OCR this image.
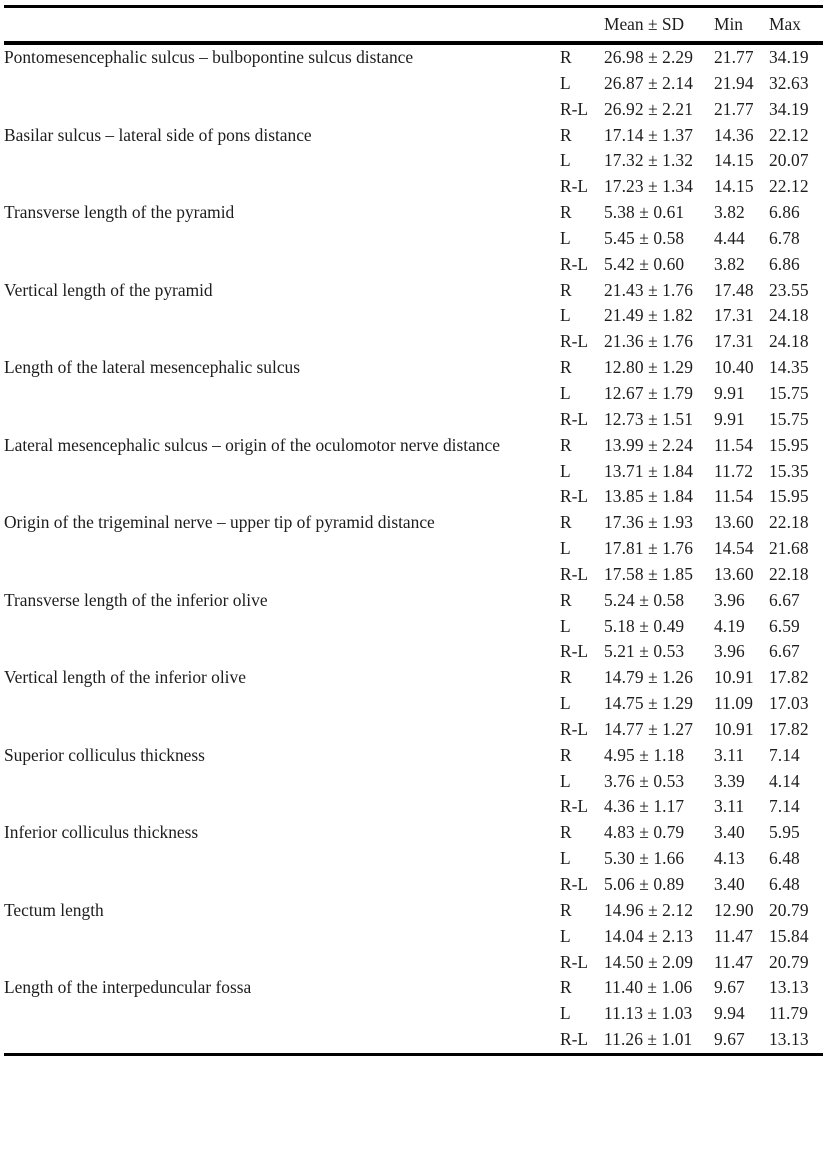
		Mean ± SD	Min	Max
Pontomesencephalic sulcus – bulbopontine sulcus distance	R	26.98 ± 2.29	21.77	34.19
	L	26.87 ± 2.14	21.94	32.63
	R-L	26.92 ± 2.21	21.77	34.19
Basilar sulcus – lateral side of pons distance	R	17.14 ± 1.37	14.36	22.12
	L	17.32 ± 1.32	14.15	20.07
	R-L	17.23 ± 1.34	14.15	22.12
Transverse length of the pyramid	R	5.38 ± 0.61	3.82	6.86
	L	5.45 ± 0.58	4.44	6.78
	R-L	5.42 ± 0.60	3.82	6.86
Vertical length of the pyramid	R	21.43 ± 1.76	17.48	23.55
	L	21.49 ± 1.82	17.31	24.18
	R-L	21.36 ± 1.76	17.31	24.18
Length of the lateral mesencephalic sulcus	R	12.80 ± 1.29	10.40	14.35
	L	12.67 ± 1.79	9.91	15.75
	R-L	12.73 ± 1.51	9.91	15.75
Lateral mesencephalic sulcus – origin of the oculomotor nerve distance	R	13.99 ± 2.24	11.54	15.95
	L	13.71 ± 1.84	11.72	15.35
	R-L	13.85 ± 1.84	11.54	15.95
Origin of the trigeminal nerve – upper tip of pyramid distance	R	17.36 ± 1.93	13.60	22.18
	L	17.81 ± 1.76	14.54	21.68
	R-L	17.58 ± 1.85	13.60	22.18
Transverse length of the inferior olive	R	5.24 ± 0.58	3.96	6.67
	L	5.18 ± 0.49	4.19	6.59
	R-L	5.21 ± 0.53	3.96	6.67
Vertical length of the inferior olive	R	14.79 ± 1.26	10.91	17.82
	L	14.75 ± 1.29	11.09	17.03
	R-L	14.77 ± 1.27	10.91	17.82
Superior colliculus thickness	R	4.95 ± 1.18	3.11	7.14
	L	3.76 ± 0.53	3.39	4.14
	R-L	4.36 ± 1.17	3.11	7.14
Inferior colliculus thickness	R	4.83 ± 0.79	3.40	5.95
	L	5.30 ± 1.66	4.13	6.48
	R-L	5.06 ± 0.89	3.40	6.48
Tectum length	R	14.96 ± 2.12	12.90	20.79
	L	14.04 ± 2.13	11.47	15.84
	R-L	14.50 ± 2.09	11.47	20.79
Length of the interpeduncular fossa	R	11.40 ± 1.06	9.67	13.13
	L	11.13 ± 1.03	9.94	11.79
	R-L	11.26 ± 1.01	9.67	13.13
